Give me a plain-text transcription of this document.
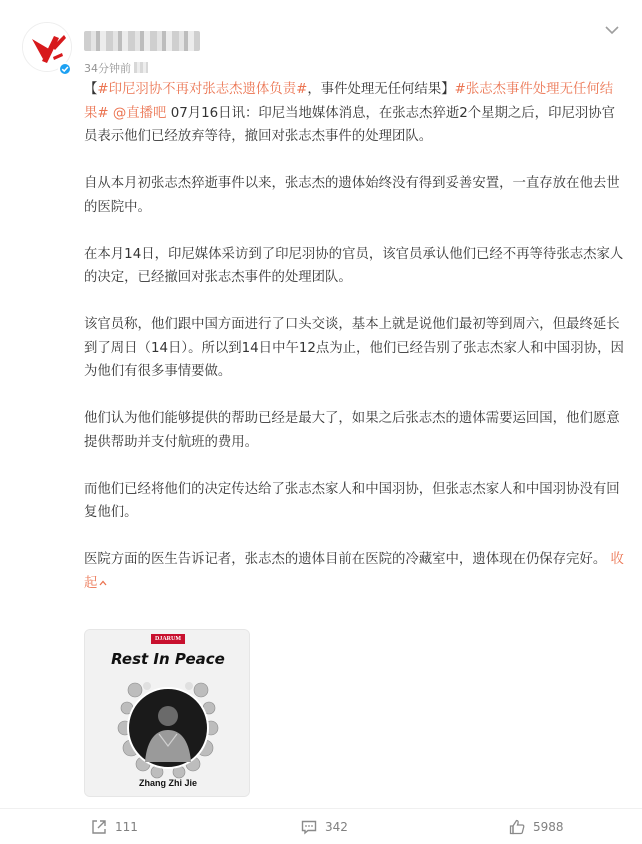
34分钟前

【#印尼羽协不再对张志杰遗体负责#，事件处理无任何结果】#张志杰事件处理无任何结果# @直播吧 07月16日讯：印尼当地媒体消息，在张志杰猝逝2个星期之后，印尼羽协官员表示他们已经放弃等待，撤回对张志杰事件的处理团队。

自从本月初张志杰猝逝事件以来，张志杰的遗体始终没有得到妥善安置，一直存放在他去世的医院中。

在本月14日，印尼媒体采访到了印尼羽协的官员，该官员承认他们已经不再等待张志杰家人的决定，已经撤回对张志杰事件的处理团队。

该官员称，他们跟中国方面进行了口头交谈，基本上就是说他们最初等到周六，但最终延长到了周日（14日）。所以到14日中午12点为止，他们已经告别了张志杰家人和中国羽协，因为他们有很多事情要做。

他们认为他们能够提供的帮助已经是最大了，如果之后张志杰的遗体需要运回国，他们愿意提供帮助并支付航班的费用。

而他们已经将他们的决定传达给了张志杰家人和中国羽协，但张志杰家人和中国羽协没有回复他们。

医院方面的医生告诉记者，张志杰的遗体目前在医院的冷藏室中，遗体现在仍保存完好。 收起

DJARUM
Rest In Peace
Zhang Zhi Jie
111	342	5988
